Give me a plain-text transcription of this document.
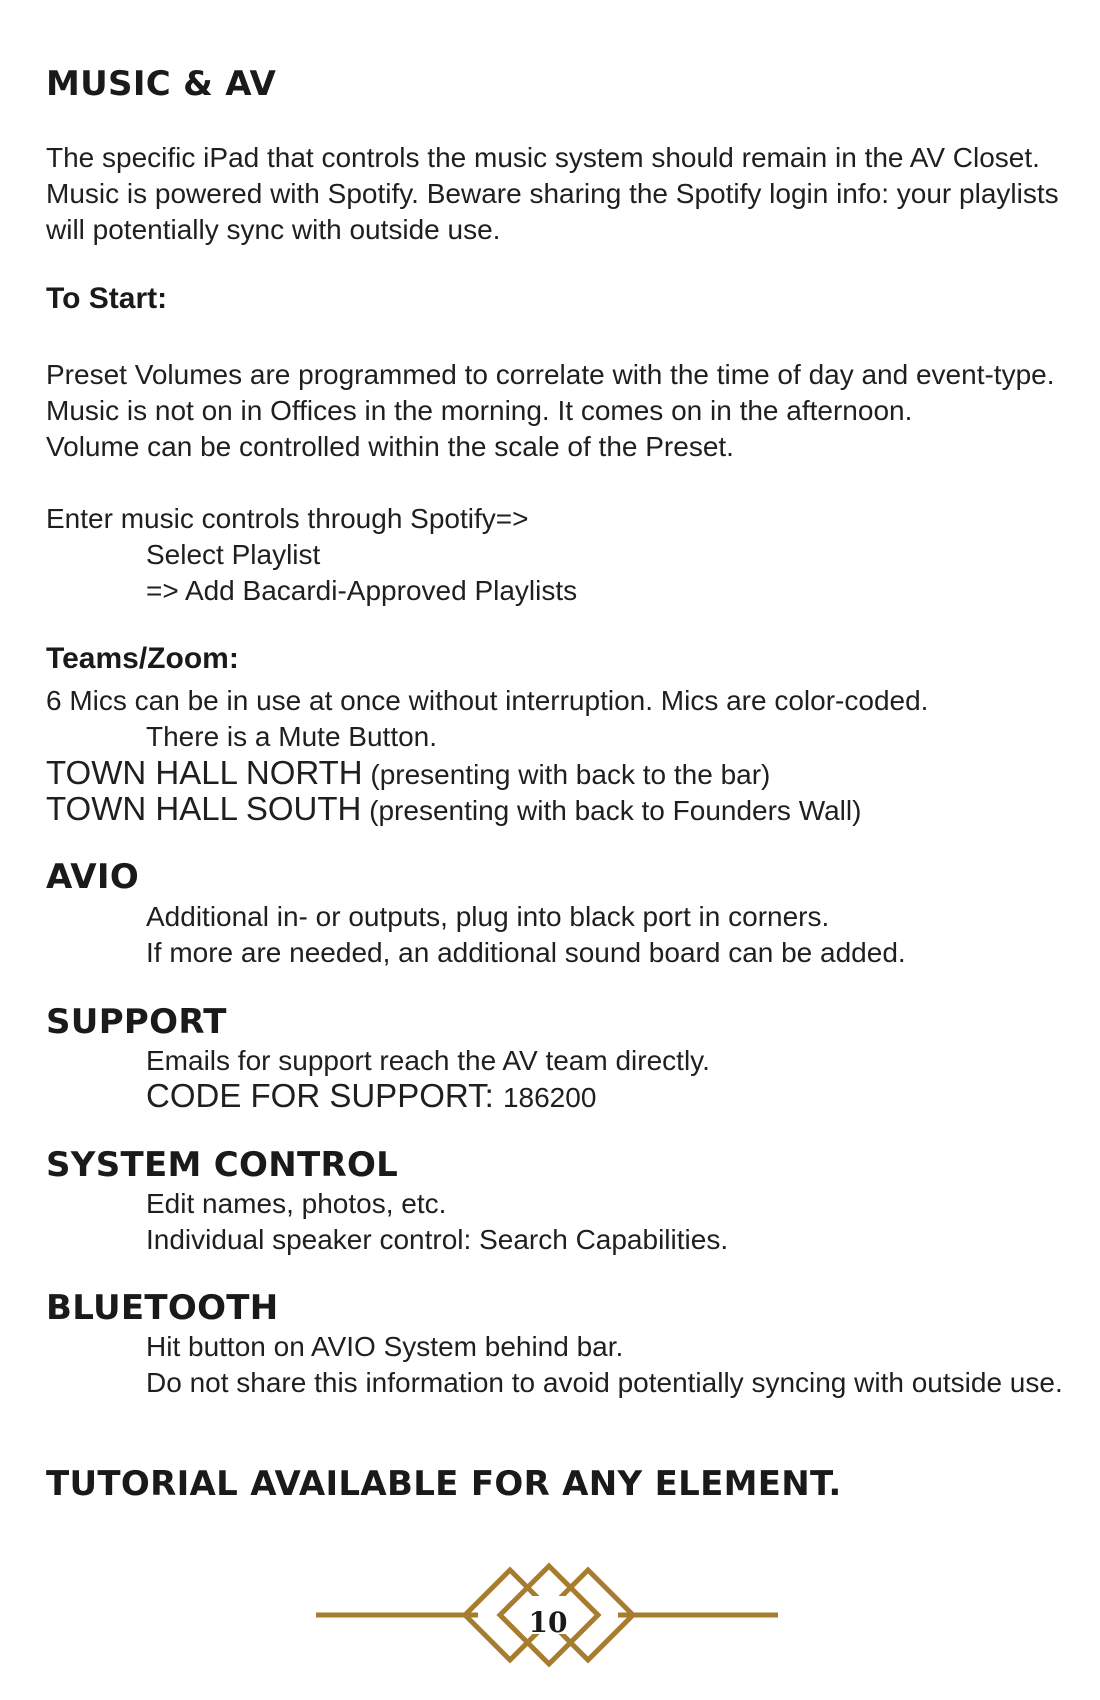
MUSIC & AV

The specific iPad that controls the music system should remain in the AV Closet.

Music is powered with Spotify. Beware sharing the Spotify login info: your playlists

will potentially sync with outside use.

To Start:

Preset Volumes are programmed to correlate with the time of day and event-type.

Music is not on in Offices in the morning. It comes on in the afternoon.

Volume can be controlled within the scale of the Preset.

Enter music controls through Spotify=>

Select Playlist

=> Add Bacardi-Approved Playlists

Teams/Zoom:

6 Mics can be in use at once without interruption. Mics are color-coded.

There is a Mute Button.

TOWN HALL NORTH (presenting with back to the bar)

TOWN HALL SOUTH (presenting with back to Founders Wall)

AVIO

Additional in- or outputs, plug into black port in corners.

If more are needed, an additional sound board can be added.

SUPPORT

Emails for support reach the AV team directly.

CODE FOR SUPPORT: 186200

SYSTEM CONTROL

Edit names, photos, etc.

Individual speaker control: Search Capabilities.

BLUETOOTH

Hit button on AVIO System behind bar.

Do not share this information to avoid potentially syncing with outside use.

TUTORIAL AVAILABLE FOR ANY ELEMENT.
10
